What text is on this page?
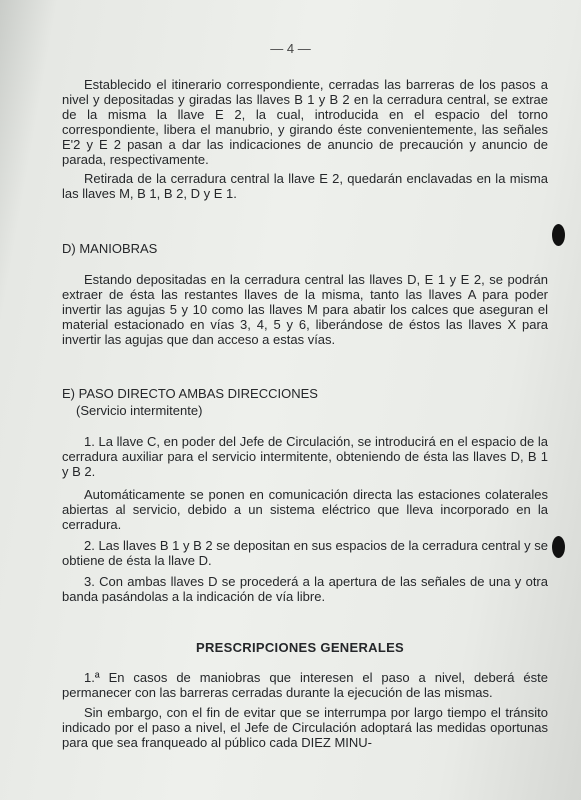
— 4 —

Establecido el itinerario correspondiente, cerradas las barreras de los pasos a nivel y depositadas y giradas las llaves B 1 y B 2 en la cerradura central, se extrae de la misma la llave E 2, la cual, introducida en el espacio del torno correspondiente, libera el manubrio, y girando éste convenientemente, las señales E'2 y E 2 pasan a dar las indicaciones de anuncio de precaución y anuncio de parada, respectivamente.

Retirada de la cerradura central la llave E 2, quedarán enclavadas en la misma las llaves M, B 1, B 2, D y E 1.

D) MANIOBRAS

Estando depositadas en la cerradura central las llaves D, E 1 y E 2, se podrán extraer de ésta las restantes llaves de la misma, tanto las llaves A para poder invertir las agujas 5 y 10 como las llaves M para abatir los calces que aseguran el material estacionado en vías 3, 4, 5 y 6, liberándose de éstos las llaves X para invertir las agujas que dan acceso a estas vías.

E) PASO DIRECTO AMBAS DIRECCIONES

(Servicio intermitente)

1. La llave C, en poder del Jefe de Circulación, se introducirá en el espacio de la cerradura auxiliar para el servicio intermitente, obteniendo de ésta las llaves D, B 1 y B 2.

Automáticamente se ponen en comunicación directa las estaciones colaterales abiertas al servicio, debido a un sistema eléctrico que lleva incorporado en la cerradura.

2. Las llaves B 1 y B 2 se depositan en sus espacios de la cerradura central y se obtiene de ésta la llave D.

3. Con ambas llaves D se procederá a la apertura de las señales de una y otra banda pasándolas a la indicación de vía libre.

PRESCRIPCIONES GENERALES

1.ª En casos de maniobras que interesen el paso a nivel, deberá éste permanecer con las barreras cerradas durante la ejecución de las mismas.

Sin embargo, con el fin de evitar que se interrumpa por largo tiempo el tránsito indicado por el paso a nivel, el Jefe de Circulación adoptará las medidas oportunas para que sea franqueado al público cada DIEZ MINU-
